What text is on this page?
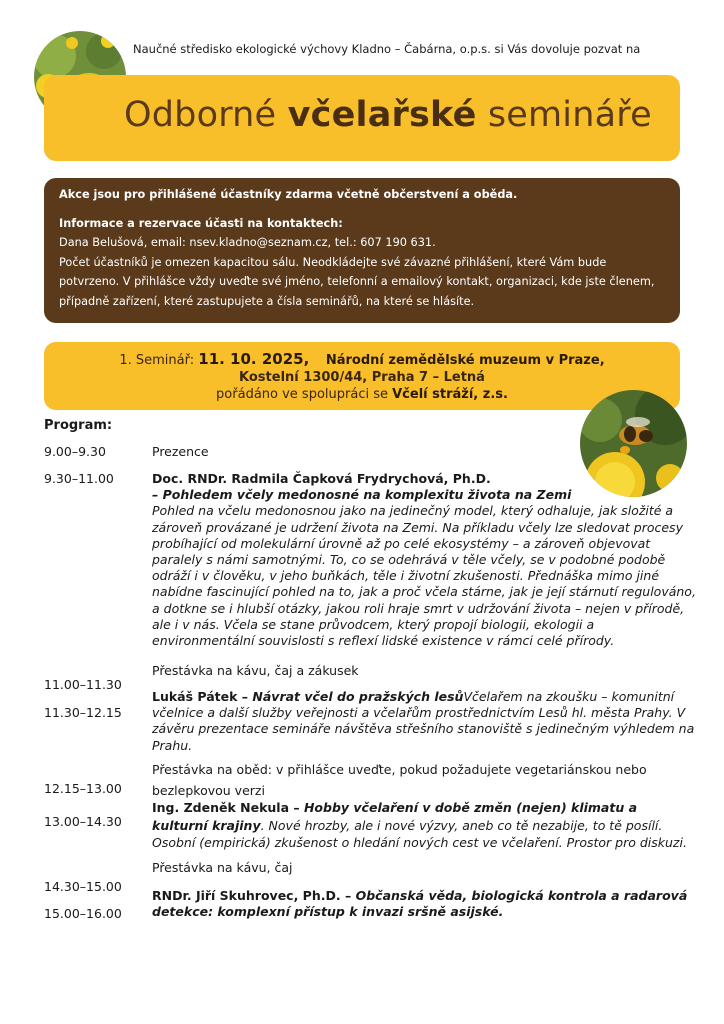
Naučné středisko ekologické výchovy Kladno – Čabárna, o.p.s. si Vás dovoluje pozvat na
Odborné včelařské semináře
Akce jsou pro přihlášené účastníky zdarma včetně občerstvení a oběda.
Informace a rezervace účasti na kontaktech:
Dana Belušová, email: nsev.kladno@seznam.cz, tel.: 607 190 631.
Počet účastníků je omezen kapacitou sálu. Neodkládejte své závazné přihlášení, které Vám bude potvrzeno. V přihlášce vždy uveďte své jméno, telefonní a emailový kontakt, organizaci, kde jste členem, případně zařízení, které zastupujete a čísla seminářů, na které se hlásíte.
1. Seminář: 11. 10. 2025, Národní zemědělské muzeum v Praze,
Kostelní 1300/44, Praha 7 – Letná
pořádáno ve spolupráci se Včelí stráží, z.s.
Program:
9.00–9.30
9.30–11.00
11.00–11.30
11.30–12.15
12.15–13.00
13.00–14.30
14.30–15.00
15.00–16.00
Prezence
Doc. RNDr. Radmila Čapková Frydrychová, Ph.D.
– Pohledem včely medonosné na komplexitu života na Zemi
Pohled na včelu medonosnou jako na jedinečný model, který odhaluje, jak složité a zároveň provázané je udržení života na Zemi. Na příkladu včely lze sledovat procesy probíhající od molekulární úrovně až po celé ekosystémy – a zároveň objevovat paralely s námi samotnými. To, co se odehrává v těle včely, se v podobné podobě odráží i v člověku, v jeho buňkách, těle i životní zkušenosti. Přednáška mimo jiné nabídne fascinující pohled na to, jak a proč včela stárne, jak je její stárnutí regulováno, a dotkne se i hlubší otázky, jakou roli hraje smrt v udržování života – nejen v přírodě, ale i v nás. Včela se stane průvodcem, který propojí biologii, ekologii a environmentální souvislosti s reflexí lidské existence v rámci celé přírody.
Přestávka na kávu, čaj a zákusek
Lukáš Pátek – Návrat včel do pražských lesůVčelařem na zkoušku – komunitní včelnice a další služby veřejnosti a včelařům prostřednictvím Lesů hl. města Prahy. V závěru prezentace semináře návštěva střešního stanoviště s jedinečným výhledem na Prahu.
Přestávka na oběd: v přihlášce uveďte, pokud požadujete vegetariánskou nebo bezlepkovou verzi
Ing. Zdeněk Nekula – Hobby včelaření v době změn (nejen) klimatu a kulturní krajiny. Nové hrozby, ale i nové výzvy, aneb co tě nezabije, to tě posílí. Osobní (empirická) zkušenost o hledání nových cest ve včelaření. Prostor pro diskuzi.
Přestávka na kávu, čaj
RNDr. Jiří Skuhrovec, Ph.D. – Občanská věda, biologická kontrola a radarová detekce: komplexní přístup k invazi sršně asijské.
